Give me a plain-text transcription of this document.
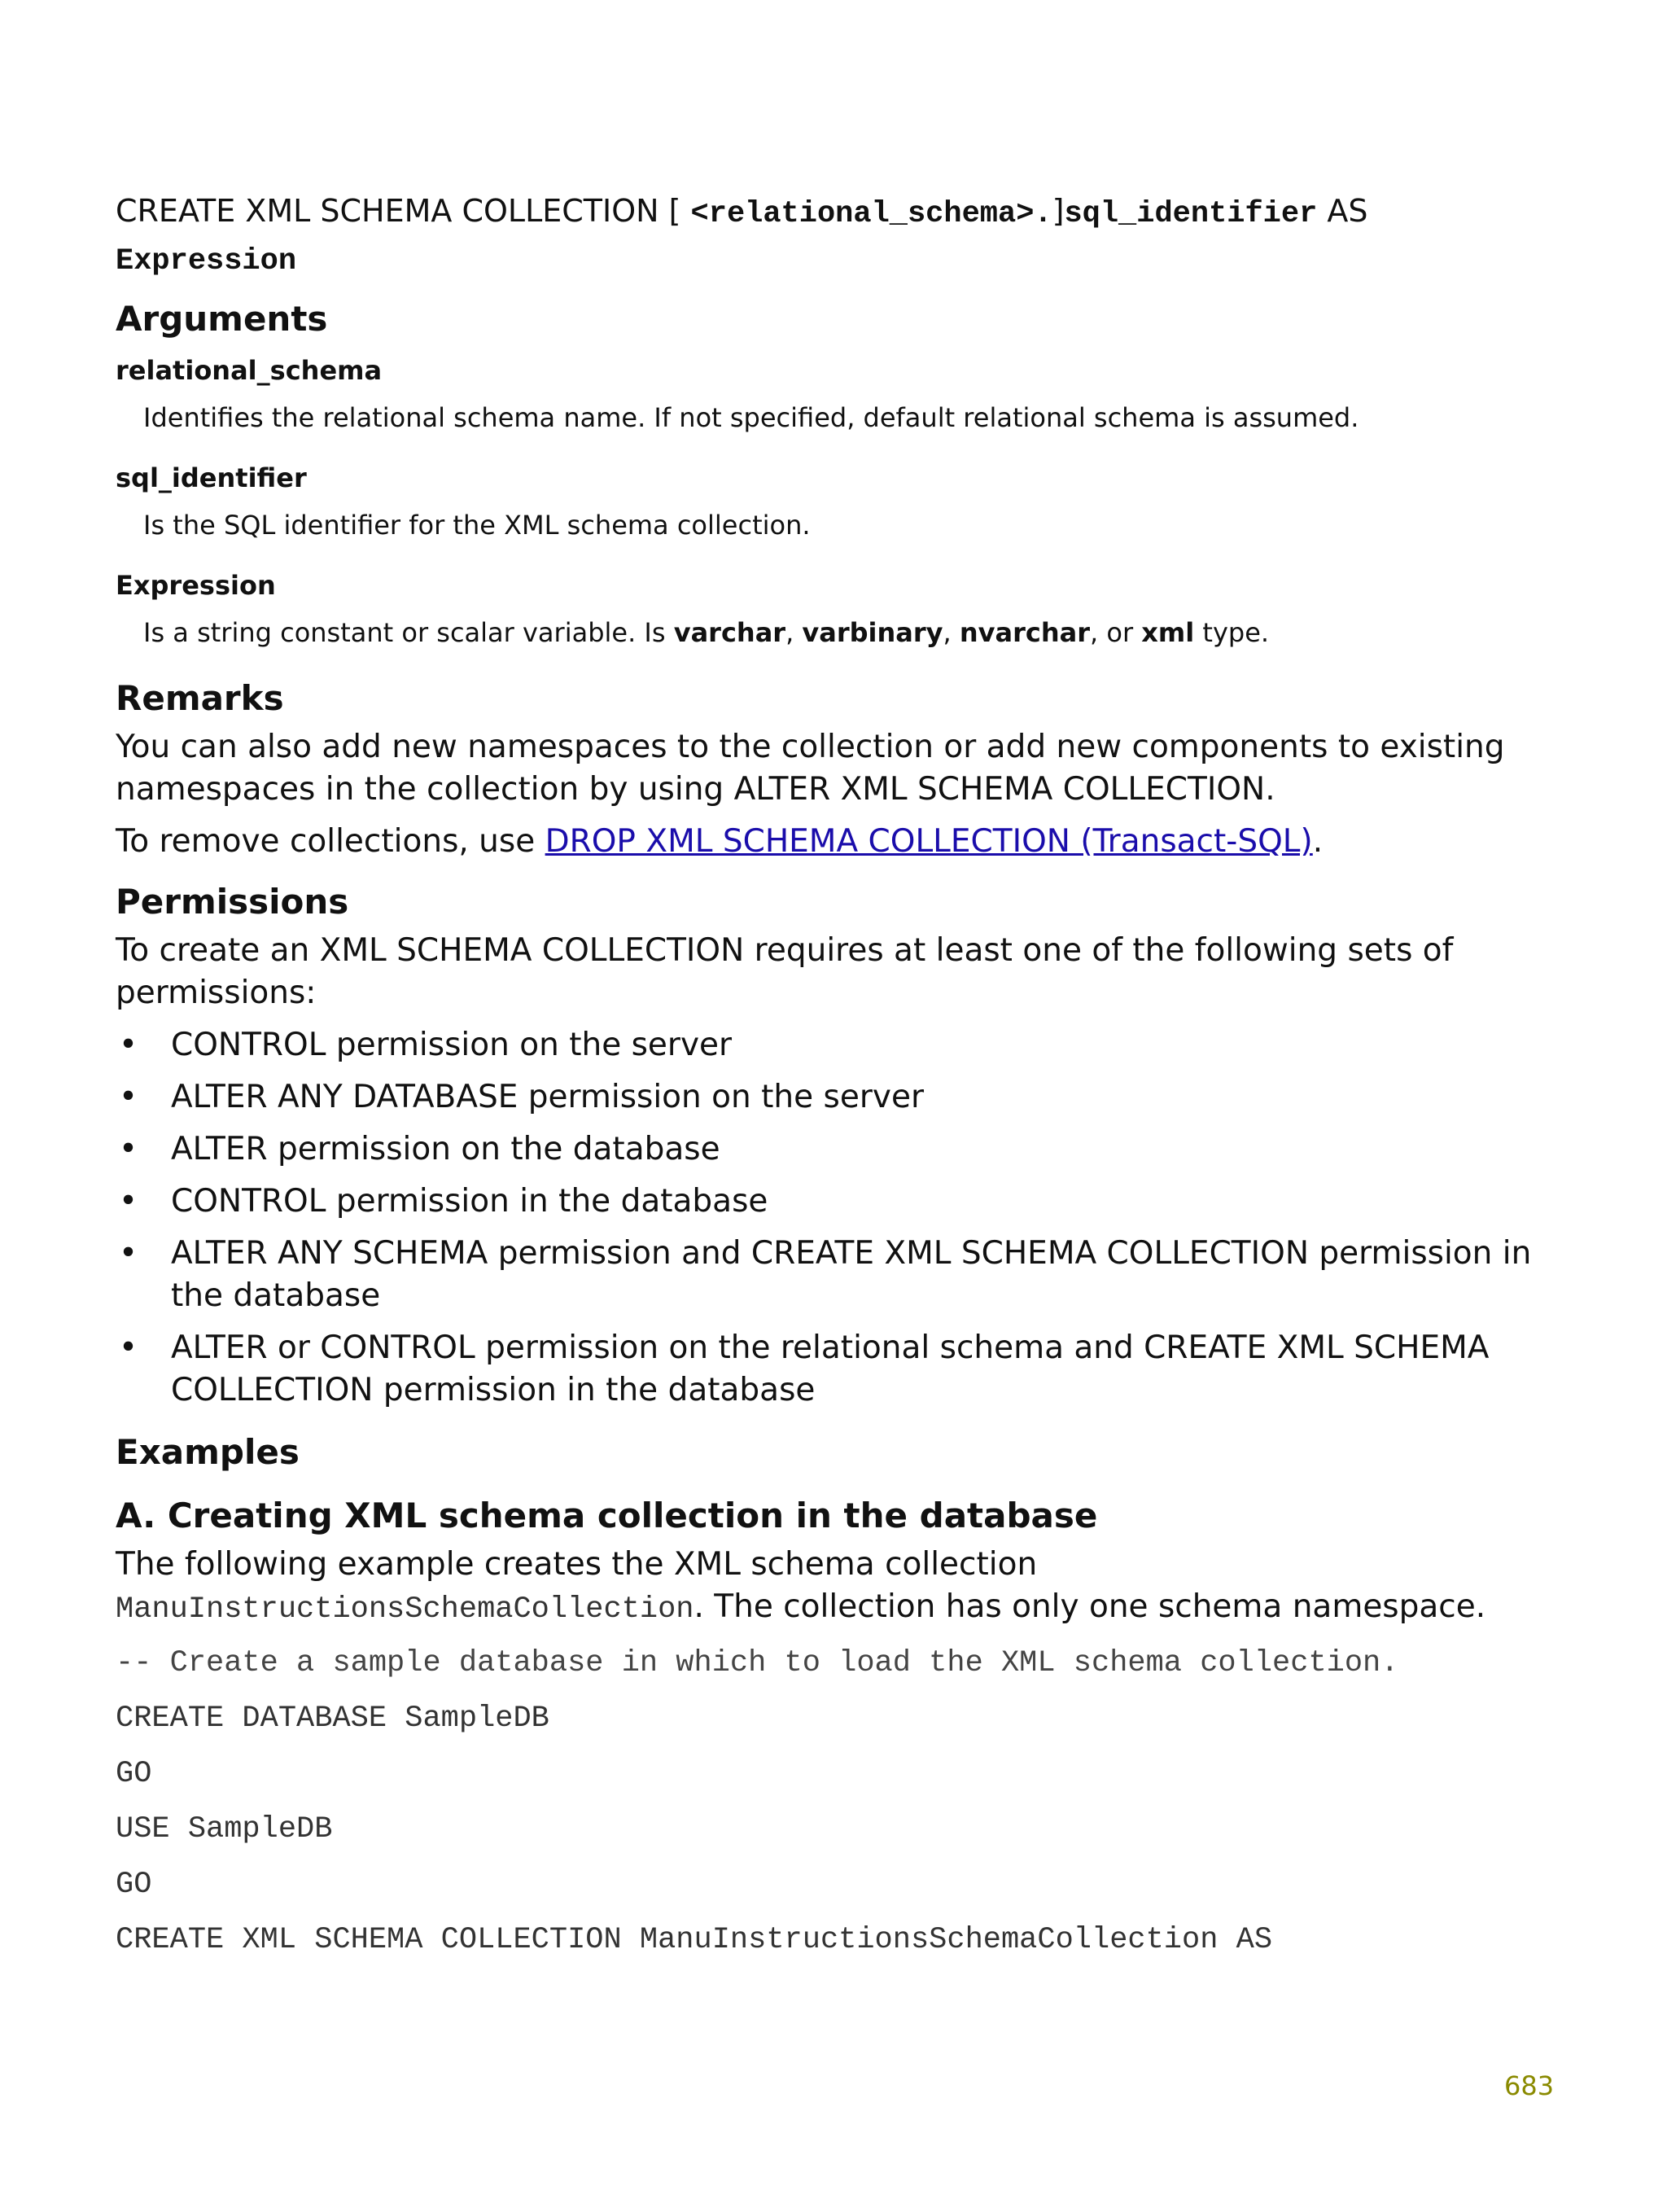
CREATE XML SCHEMA COLLECTION [ <relational_schema>.]sql_identifier AS
Expression
Arguments

relational_schema

Identifies the relational schema name. If not specified, default relational schema is assumed.

sql_identifier

Is the SQL identifier for the XML schema collection.

Expression

Is a string constant or scalar variable. Is varchar, varbinary, nvarchar, or xml type.

Remarks

You can also add new namespaces to the collection or add new components to existing namespaces in the collection by using ALTER XML SCHEMA COLLECTION.

To remove collections, use DROP XML SCHEMA COLLECTION (Transact-SQL).

Permissions

To create an XML SCHEMA COLLECTION requires at least one of the following sets of permissions:

• CONTROL permission on the server
• ALTER ANY DATABASE permission on the server
• ALTER permission on the database
• CONTROL permission in the database
• ALTER ANY SCHEMA permission and CREATE XML SCHEMA COLLECTION permission in the database
• ALTER or CONTROL permission on the relational schema and CREATE XML SCHEMA COLLECTION permission in the database
Examples
A. Creating XML schema collection in the database

The following example creates the XML schema collection ManuInstructionsSchemaCollection. The collection has only one schema namespace.

-- Create a sample database in which to load the XML schema collection.

CREATE DATABASE SampleDB

GO

USE SampleDB

GO

CREATE XML SCHEMA COLLECTION ManuInstructionsSchemaCollection AS

683
